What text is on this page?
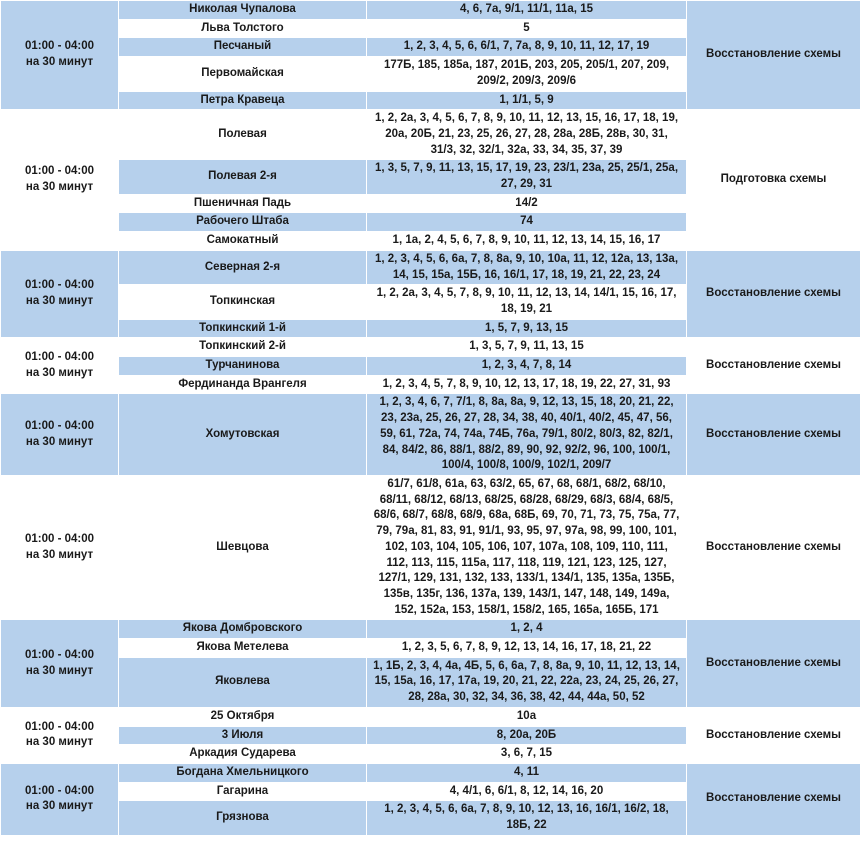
01:00 - 04:00
на 30 минут	Николая Чупалова	4, 6, 7а, 9/1, 11/1, 11а, 15	Восстановление схемы
	Льва Толстого	5	
	Песчаный	1, 2, 3, 4, 5, 6, 6/1, 7, 7а, 8, 9, 10, 11, 12, 17, 19	
	Первомайская	177Б, 185, 185а, 187, 201Б, 203, 205, 205/1, 207, 209, 209/2, 209/3, 209/6	
	Петра Кравеца	1, 1/1, 5, 9	

01:00 - 04:00
на 30 минут	Полевая	1, 2, 2а, 3, 4, 5, 6, 7, 8, 9, 10, 11, 12, 13, 15, 16, 17, 18, 19, 20а, 20Б, 21, 23, 25, 26, 27, 28, 28а, 28Б, 28в, 30, 31, 31/3, 32, 32/1, 32а, 33, 34, 35, 37, 39	Подготовка схемы
	Полевая 2-я	1, 3, 5, 7, 9, 11, 13, 15, 17, 19, 23, 23/1, 23а, 25, 25/1, 25а, 27, 29, 31	
	Пшеничная Падь	14/2	
	Рабочего Штаба	74	
	Самокатный	1, 1а, 2, 4, 5, 6, 7, 8, 9, 10, 11, 12, 13, 14, 15, 16, 17	

01:00 - 04:00
на 30 минут	Северная 2-я	1, 2, 3, 4, 5, 6, 6а, 7, 8, 8а, 9, 10, 10а, 11, 12, 12а, 13, 13а, 14, 15, 15а, 15Б, 16, 16/1, 17, 18, 19, 21, 22, 23, 24	Восстановление схемы
	Топкинская	1, 2, 2а, 3, 4, 5, 7, 8, 9, 10, 11, 12, 13, 14, 14/1, 15, 16, 17, 18, 19, 21	
	Топкинский 1-й	1, 5, 7, 9, 13, 15	

01:00 - 04:00
на 30 минут	Топкинский 2-й	1, 3, 5, 7, 9, 11, 13, 15	Восстановление схемы
	Турчанинова	1, 2, 3, 4, 7, 8, 14	
	Фердинанда Врангеля	1, 2, 3, 4, 5, 7, 8, 9, 10, 12, 13, 17, 18, 19, 22, 27, 31, 93	

01:00 - 04:00
на 30 минут	Хомутовская	1, 2, 3, 4, 6, 7, 7/1, 8, 8а, 8а, 9, 12, 13, 15, 18, 20, 21, 22, 23, 23а, 25, 26, 27, 28, 34, 38, 40, 40/1, 40/2, 45, 47, 56, 59, 61, 72а, 74, 74а, 74Б, 76а, 79/1, 80/2, 80/3, 82, 82/1, 84, 84/2, 86, 88/1, 88/2, 89, 90, 92, 92/2, 96, 100, 100/1, 100/4, 100/8, 100/9, 102/1, 209/7	Восстановление схемы

01:00 - 04:00
на 30 минут	Шевцова	61/7, 61/8, 61а, 63, 63/2, 65, 67, 68, 68/1, 68/2, 68/10, 68/11, 68/12, 68/13, 68/25, 68/28, 68/29, 68/3, 68/4, 68/5, 68/6, 68/7, 68/8, 68/9, 68а, 68Б, 69, 70, 71, 73, 75, 75а, 77, 79, 79а, 81, 83, 91, 91/1, 93, 95, 97, 97а, 98, 99, 100, 101, 102, 103, 104, 105, 106, 107, 107а, 108, 109, 110, 111, 112, 113, 115, 115а, 117, 118, 119, 121, 123, 125, 127, 127/1, 129, 131, 132, 133, 133/1, 134/1, 135, 135а, 135Б, 135в, 135г, 136, 137а, 139, 143/1, 147, 148, 149, 149а, 152, 152а, 153, 158/1, 158/2, 165, 165а, 165Б, 171	Восстановление схемы

01:00 - 04:00
на 30 минут	Якова Домбровского	1, 2, 4	Восстановление схемы
	Якова Метелева	1, 2, 3, 5, 6, 7, 8, 9, 12, 13, 14, 16, 17, 18, 21, 22	
	Яковлева	1, 1Б, 2, 3, 4, 4а, 4Б, 5, 6, 6а, 7, 8, 8а, 9, 10, 11, 12, 13, 14, 15, 15а, 16, 17, 17а, 19, 20, 21, 22, 22а, 23, 24, 25, 26, 27, 28, 28а, 30, 32, 34, 36, 38, 42, 44, 44а, 50, 52	

01:00 - 04:00
на 30 минут	25 Октября	10а	Восстановление схемы
	3 Июля	8, 20а, 20Б	
	Аркадия Сударева	3, 6, 7, 15	

01:00 - 04:00
на 30 минут	Богдана Хмельницкого	4, 11	Восстановление схемы
	Гагарина	4, 4/1, 6, 6/1, 8, 12, 14, 16, 20	
	Грязнова	1, 2, 3, 4, 5, 6, 6а, 7, 8, 9, 10, 12, 13, 16, 16/1, 16/2, 18, 18Б, 22	
